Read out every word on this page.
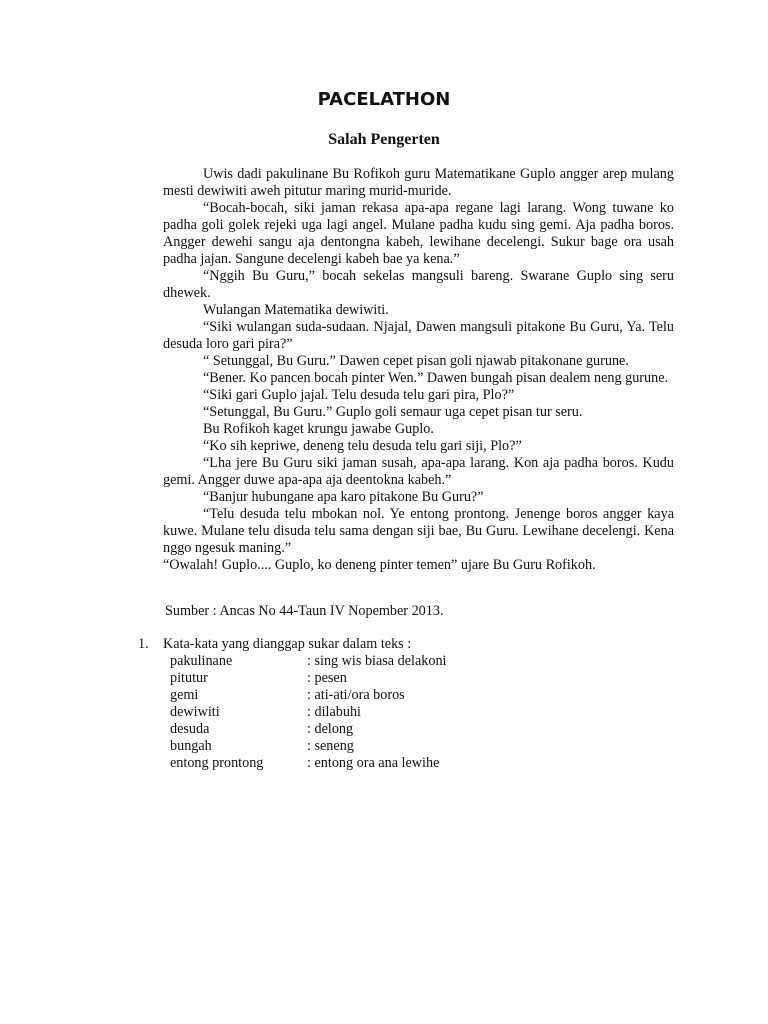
PACELATHON
Salah Pengerten

Uwis dadi pakulinane Bu Rofikoh guru Matematikane Guplo angger arep mulang mesti dewiwiti aweh pitutur maring murid-muride.

“Bocah-bocah, siki jaman rekasa apa-apa regane lagi larang. Wong tuwane ko padha goli golek rejeki uga lagi angel. Mulane padha kudu sing gemi. Aja padha boros. Angger dewehi sangu aja dentongna kabeh, lewihane decelengi. Sukur bage ora usah padha jajan. Sangune decelengi kabeh bae ya kena.”

“Nggih Bu Guru,” bocah sekelas mangsuli bareng. Swarane Guplo sing seru dhewek.

Wulangan Matematika dewiwiti.

“Siki wulangan suda-sudaan. Njajal, Dawen mangsuli pitakone Bu Guru, Ya. Telu desuda loro gari pira?”

“ Setunggal, Bu Guru.” Dawen cepet pisan goli njawab pitakonane gurune.

“Bener. Ko pancen bocah pinter Wen.” Dawen bungah pisan dealem neng gurune.

“Siki gari Guplo jajal. Telu desuda telu gari pira, Plo?”

“Setunggal, Bu Guru.” Guplo goli semaur uga cepet pisan tur seru.

Bu Rofikoh kaget krungu jawabe Guplo.

“Ko sih kepriwe, deneng telu desuda telu gari siji, Plo?”

“Lha jere Bu Guru siki jaman susah, apa-apa larang. Kon aja padha boros. Kudu gemi. Angger duwe apa-apa aja deentokna kabeh.”

“Banjur hubungane apa karo pitakone Bu Guru?”

“Telu desuda telu mbokan nol. Ye entong prontong. Jenenge boros angger kaya kuwe. Mulane telu disuda telu sama dengan siji bae, Bu Guru. Lewihane decelengi. Kena nggo ngesuk maning.”

“Owalah! Guplo.... Guplo, ko deneng pinter temen” ujare Bu Guru Rofikoh.

Sumber : Ancas No 44-Taun IV Nopember 2013.
1. Kata-kata yang dianggap sukar dalam teks :
pakulinane	: sing wis biasa delakoni
pitutur	: pesen
gemi	: ati-ati/ora boros
dewiwiti	: dilabuhi
desuda	: delong
bungah	: seneng
entong prontong	: entong ora ana lewihe
